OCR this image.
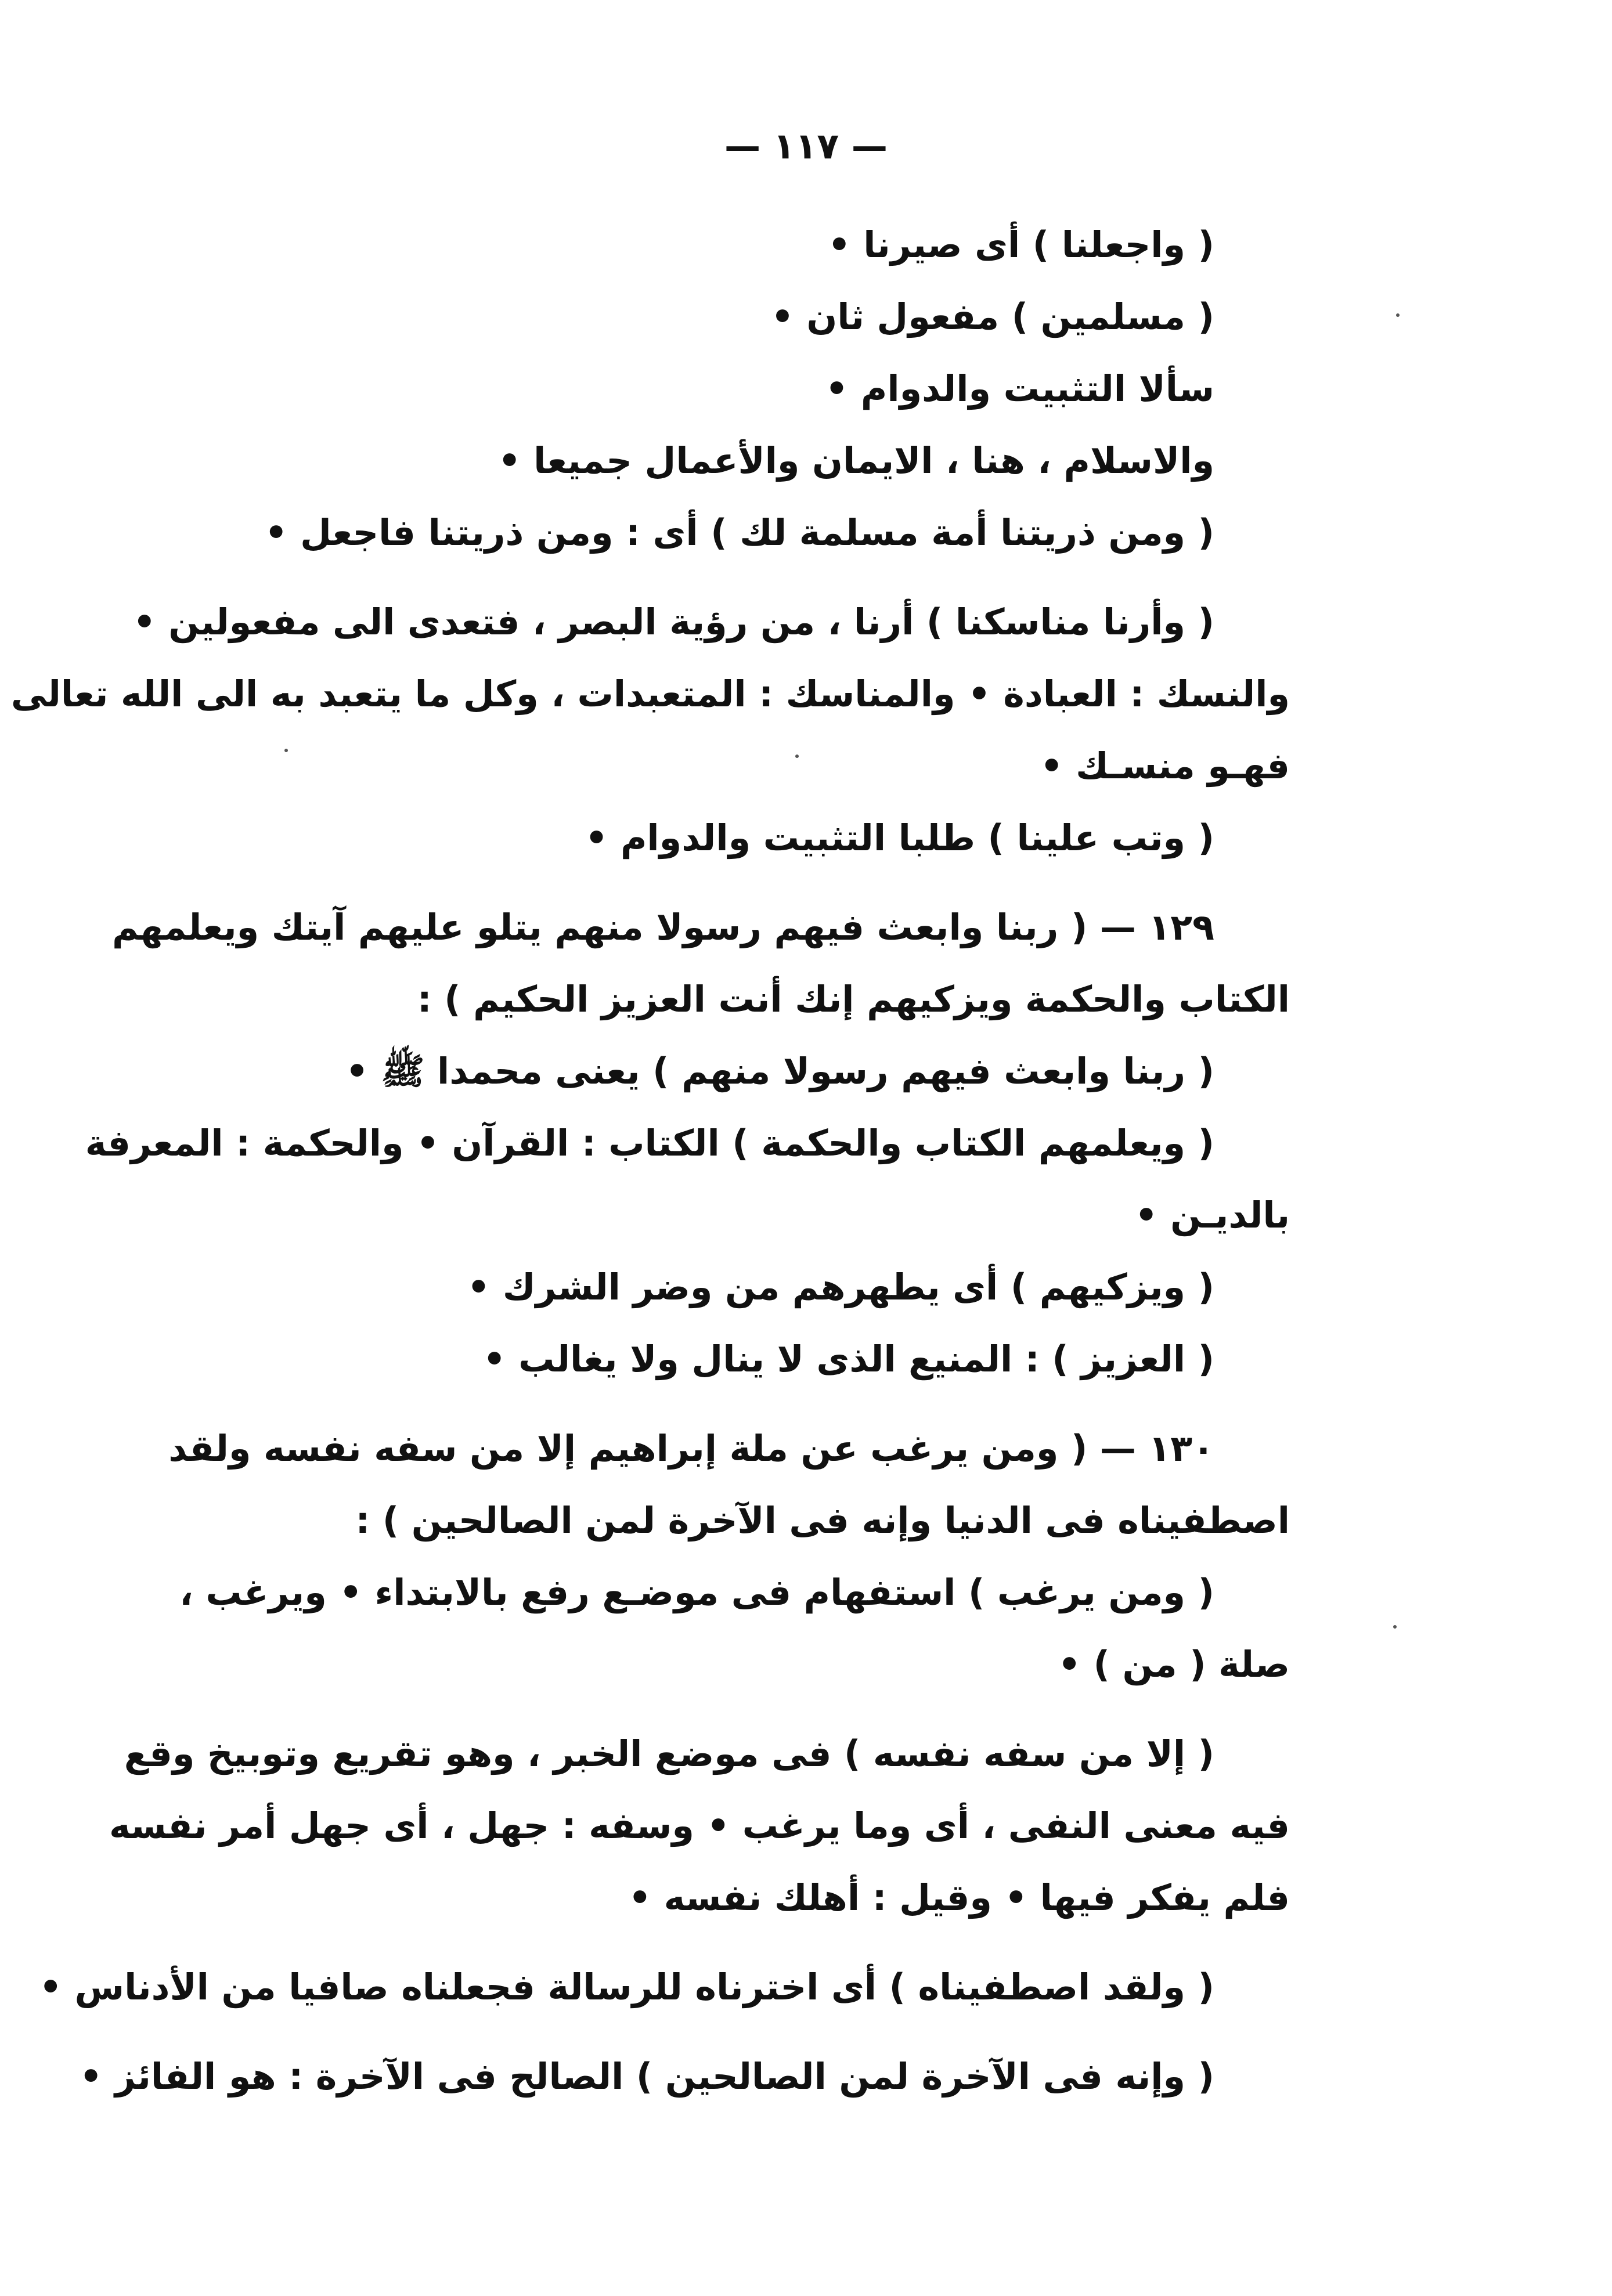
— ١١٧ —
( واجعلنا ) أى صيرنا •
( مسلمين ) مفعول ثان •
سألا التثبيت والدوام •
والاسلام ، هنا ، الايمان والأعمال جميعا •
( ومن ذريتنا أمة مسلمة لك ) أى : ومن ذريتنا فاجعل •
( وأرنا مناسكنا ) أرنا ، من رؤية البصر ، فتعدى الى مفعولين •
والنسك : العبادة • والمناسك : المتعبدات ، وكل ما يتعبد به الى الله تعالى
فهـو منسـك •
( وتب علينا ) طلبا التثبيت والدوام •
١٢٩ — ( ربنا وابعث فيهم رسولا منهم يتلو عليهم آيتك ويعلمهم
الكتاب والحكمة ويزكيهم إنك أنت العزيز الحكيم ) :
( ربنا وابعث فيهم رسولا منهم ) يعنى محمدا ﷺ •
( ويعلمهم الكتاب والحكمة ) الكتاب : القرآن • والحكمة : المعرفة
بالديـن •
( ويزكيهم ) أى يطهرهم من وضر الشرك •
( العزيز ) : المنيع الذى لا ينال ولا يغالب •
١٣٠ — ( ومن يرغب عن ملة إبراهيم إلا من سفه نفسه ولقد
اصطفيناه فى الدنيا وإنه فى الآخرة لمن الصالحين ) :
( ومن يرغب ) استفهام فى موضـع رفع بالابتداء • ويرغب ،
صلة ( من ) •
( إلا من سفه نفسه ) فى موضع الخبر ، وهو تقريع وتوبيخ وقع
فيه معنى النفى ، أى وما يرغب • وسفه : جهل ، أى جهل أمر نفسه
فلم يفكر فيها • وقيل : أهلك نفسه •
( ولقد اصطفيناه ) أى اخترناه للرسالة فجعلناه صافيا من الأدناس •
( وإنه فى الآخرة لمن الصالحين ) الصالح فى الآخرة : هو الفائز •
